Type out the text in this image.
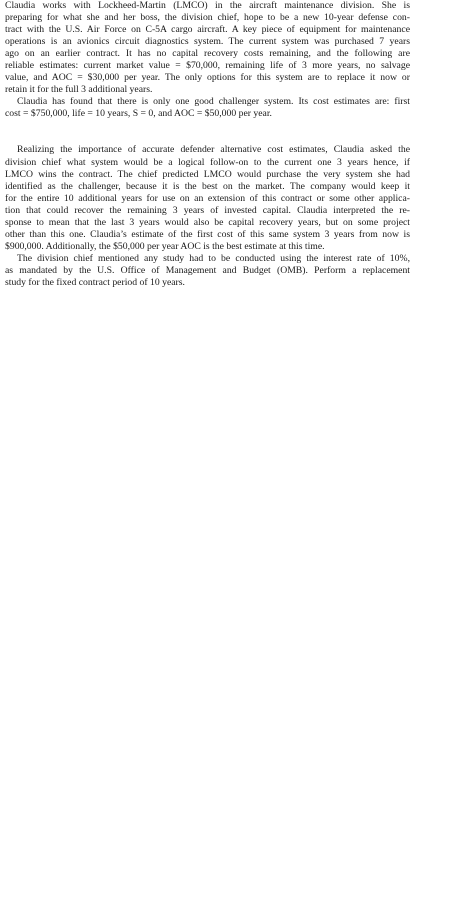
Claudia works with Lockheed-Martin (LMCO) in the aircraft maintenance division. She is
preparing for what she and her boss, the division chief, hope to be a new 10-year defense con-
tract with the U.S. Air Force on C-5A cargo aircraft. A key piece of equipment for maintenance
operations is an avionics circuit diagnostics system. The current system was purchased 7 years
ago on an earlier contract. It has no capital recovery costs remaining, and the following are
reliable estimates: current market value = $70,000, remaining life of 3 more years, no salvage
value, and AOC = $30,000 per year. The only options for this system are to replace it now or
retain it for the full 3 additional years.
Claudia has found that there is only one good challenger system. Its cost estimates are: first
cost = $750,000, life = 10 years, S = 0, and AOC = $50,000 per year.
Realizing the importance of accurate defender alternative cost estimates, Claudia asked the
division chief what system would be a logical follow-on to the current one 3 years hence, if
LMCO wins the contract. The chief predicted LMCO would purchase the very system she had
identified as the challenger, because it is the best on the market. The company would keep it
for the entire 10 additional years for use on an extension of this contract or some other applica-
tion that could recover the remaining 3 years of invested capital. Claudia interpreted the re-
sponse to mean that the last 3 years would also be capital recovery years, but on some project
other than this one. Claudia’s estimate of the first cost of this same system 3 years from now is
$900,000. Additionally, the $50,000 per year AOC is the best estimate at this time.
The division chief mentioned any study had to be conducted using the interest rate of 10%,
as mandated by the U.S. Office of Management and Budget (OMB). Perform a replacement
study for the fixed contract period of 10 years.
